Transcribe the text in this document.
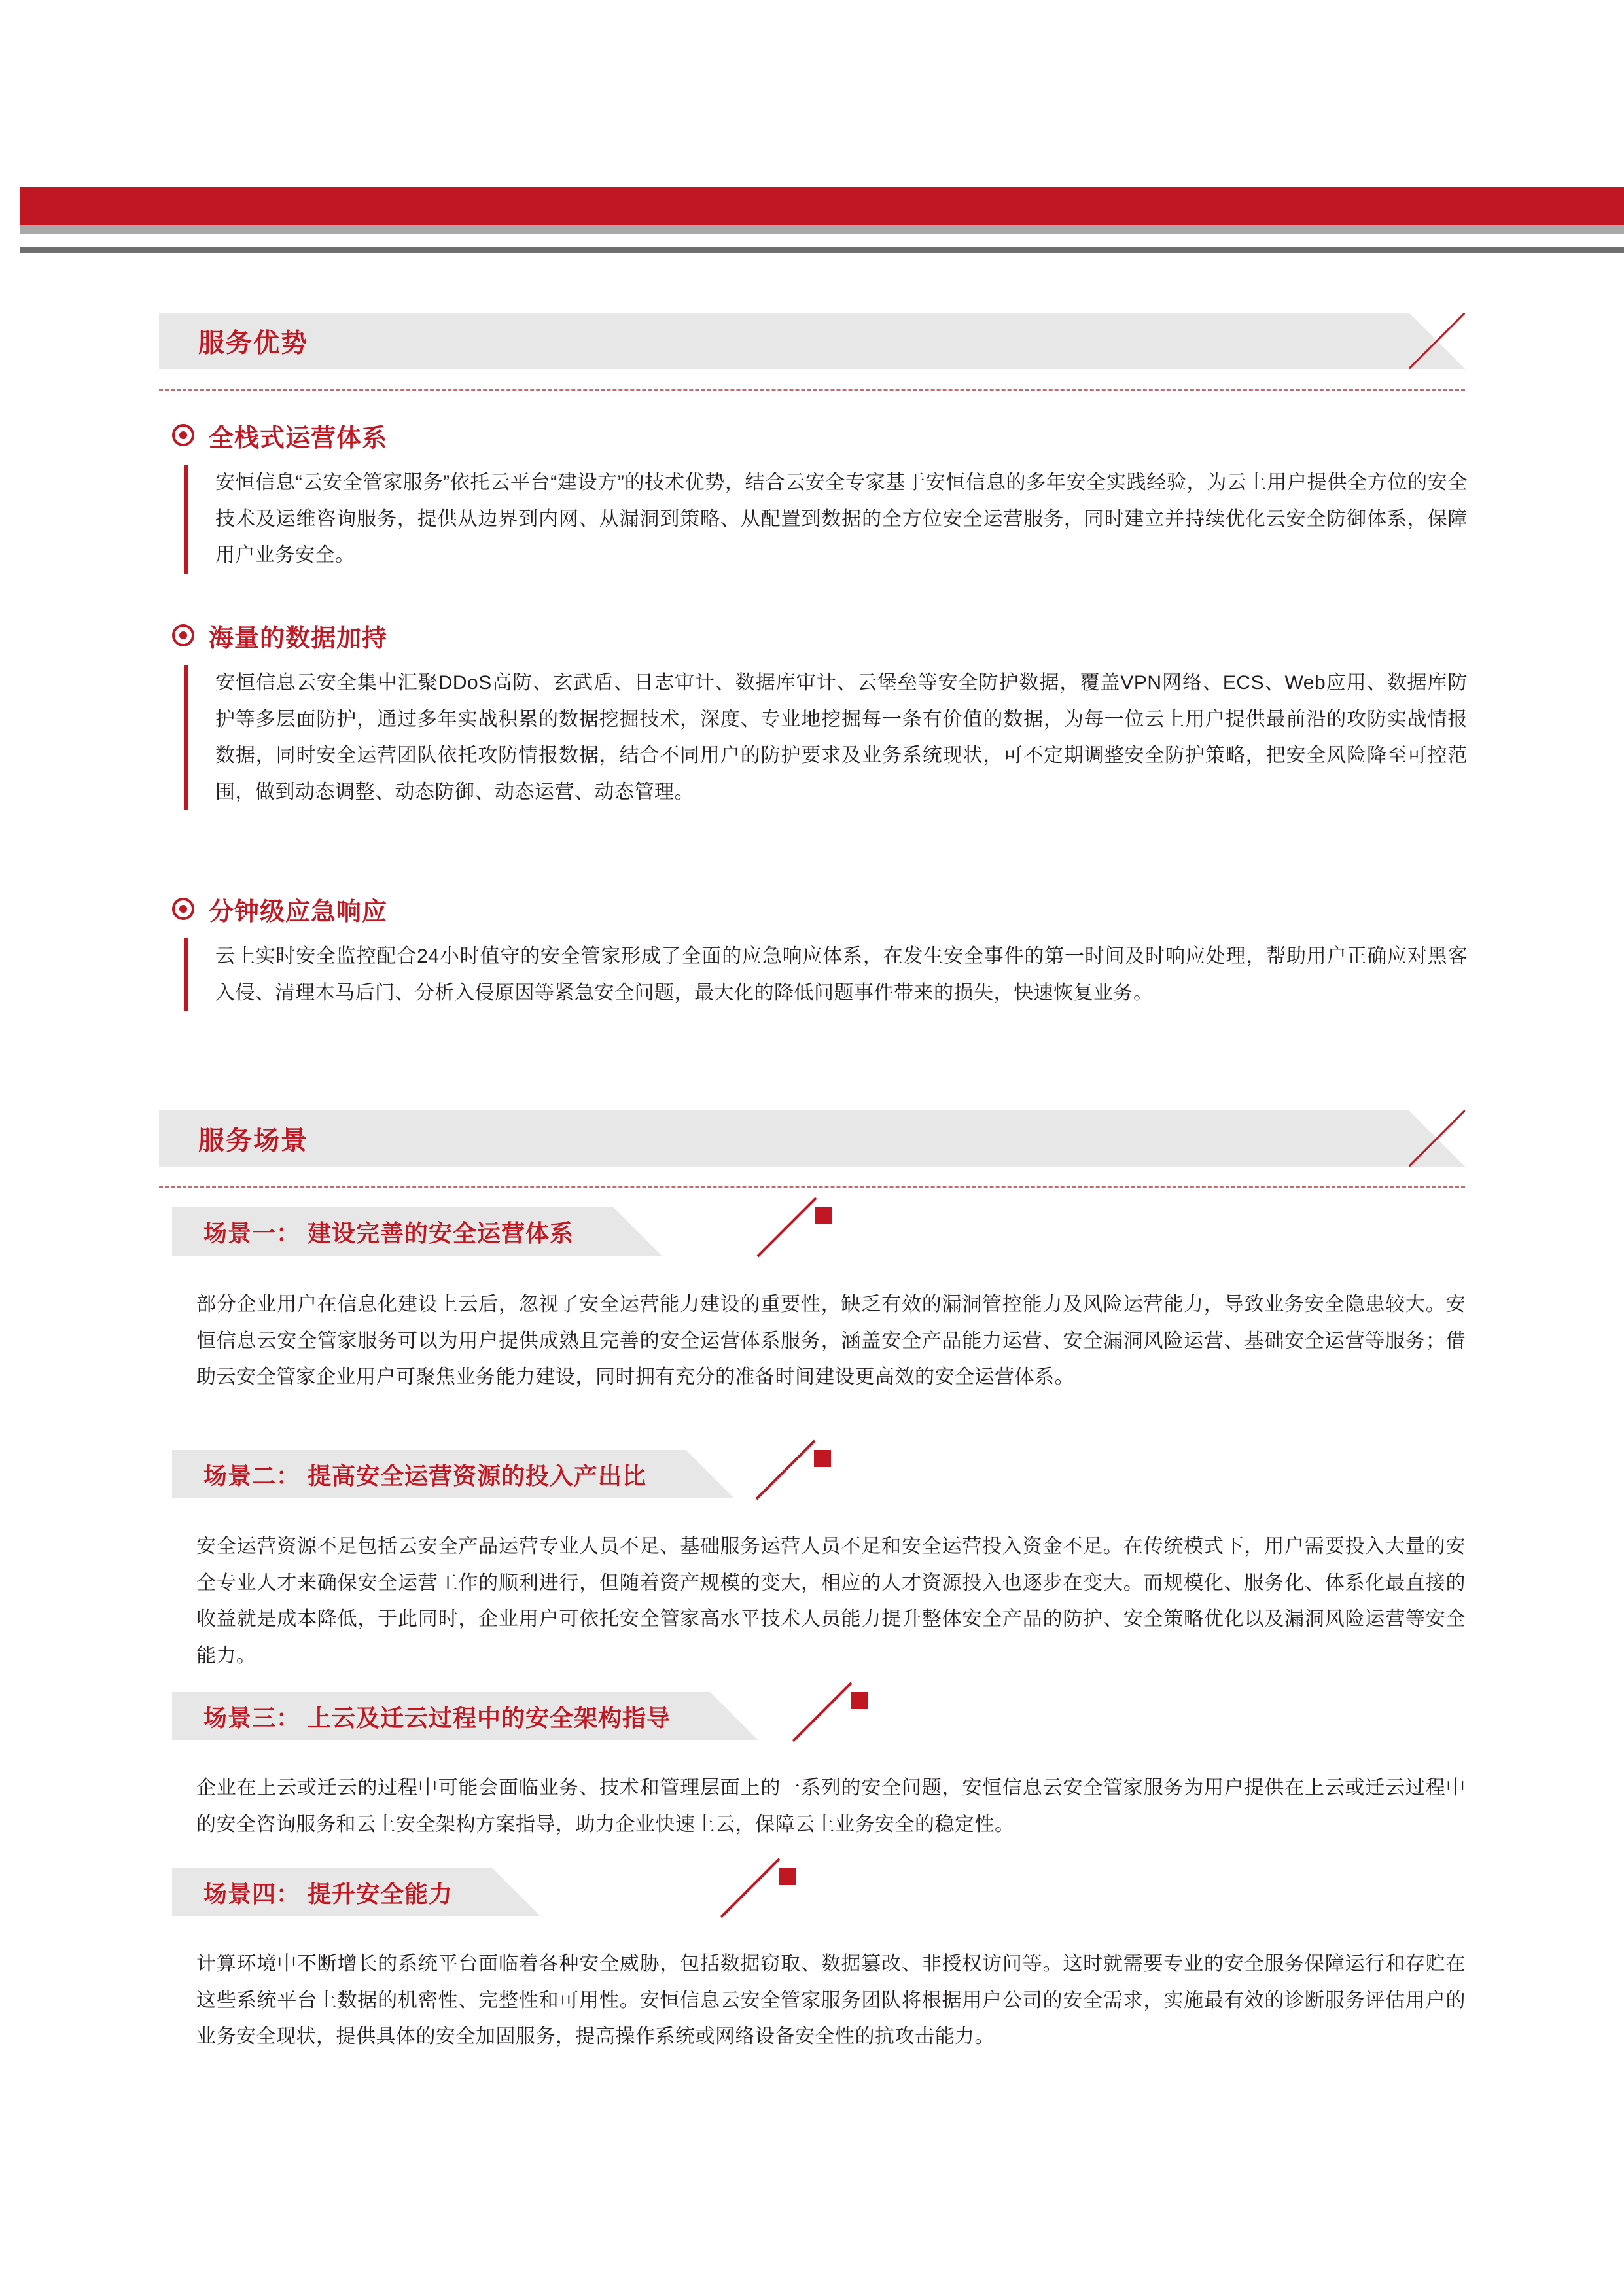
服务优势
全栈式运营体系
安恒信息“云安全管家服务”依托云平台“建设方”的技术优势，结合云安全专家基于安恒信息的多年安全实践经验，为云上用户提供全方位的安全技术及运维咨询服务，提供从边界到内网、从漏洞到策略、从配置到数据的全方位安全运营服务，同时建立并持续优化云安全防御体系，保障用户业务安全。
海量的数据加持
安恒信息云安全集中汇聚DDoS高防、玄武盾、日志审计、数据库审计、云堡垒等安全防护数据，覆盖VPN网络、ECS、Web应用、数据库防护等多层面防护，通过多年实战积累的数据挖掘技术，深度、专业地挖掘每一条有价值的数据，为每一位云上用户提供最前沿的攻防实战情报数据，同时安全运营团队依托攻防情报数据，结合不同用户的防护要求及业务系统现状，可不定期调整安全防护策略，把安全风险降至可控范围，做到动态调整、动态防御、动态运营、动态管理。
分钟级应急响应
云上实时安全监控配合24小时值守的安全管家形成了全面的应急响应体系，在发生安全事件的第一时间及时响应处理，帮助用户正确应对黑客入侵、清理木马后门、分析入侵原因等紧急安全问题，最大化的降低问题事件带来的损失，快速恢复业务。
服务场景
场景一： 建设完善的安全运营体系
部分企业用户在信息化建设上云后，忽视了安全运营能力建设的重要性，缺乏有效的漏洞管控能力及风险运营能力，导致业务安全隐患较大。安恒信息云安全管家服务可以为用户提供成熟且完善的安全运营体系服务，涵盖安全产品能力运营、安全漏洞风险运营、基础安全运营等服务；借助云安全管家企业用户可聚焦业务能力建设，同时拥有充分的准备时间建设更高效的安全运营体系。
场景二： 提高安全运营资源的投入产出比
安全运营资源不足包括云安全产品运营专业人员不足、基础服务运营人员不足和安全运营投入资金不足。在传统模式下，用户需要投入大量的安全专业人才来确保安全运营工作的顺利进行，但随着资产规模的变大，相应的人才资源投入也逐步在变大。而规模化、服务化、体系化最直接的收益就是成本降低，于此同时，企业用户可依托安全管家高水平技术人员能力提升整体安全产品的防护、安全策略优化以及漏洞风险运营等安全能力。
场景三： 上云及迁云过程中的安全架构指导
企业在上云或迁云的过程中可能会面临业务、技术和管理层面上的一系列的安全问题，安恒信息云安全管家服务为用户提供在上云或迁云过程中的安全咨询服务和云上安全架构方案指导，助力企业快速上云，保障云上业务安全的稳定性。
场景四： 提升安全能力
计算环境中不断增长的系统平台面临着各种安全威胁，包括数据窃取、数据篡改、非授权访问等。这时就需要专业的安全服务保障运行和存贮在这些系统平台上数据的机密性、完整性和可用性。安恒信息云安全管家服务团队将根据用户公司的安全需求，实施最有效的诊断服务评估用户的业务安全现状，提供具体的安全加固服务，提高操作系统或网络设备安全性的抗攻击能力。
